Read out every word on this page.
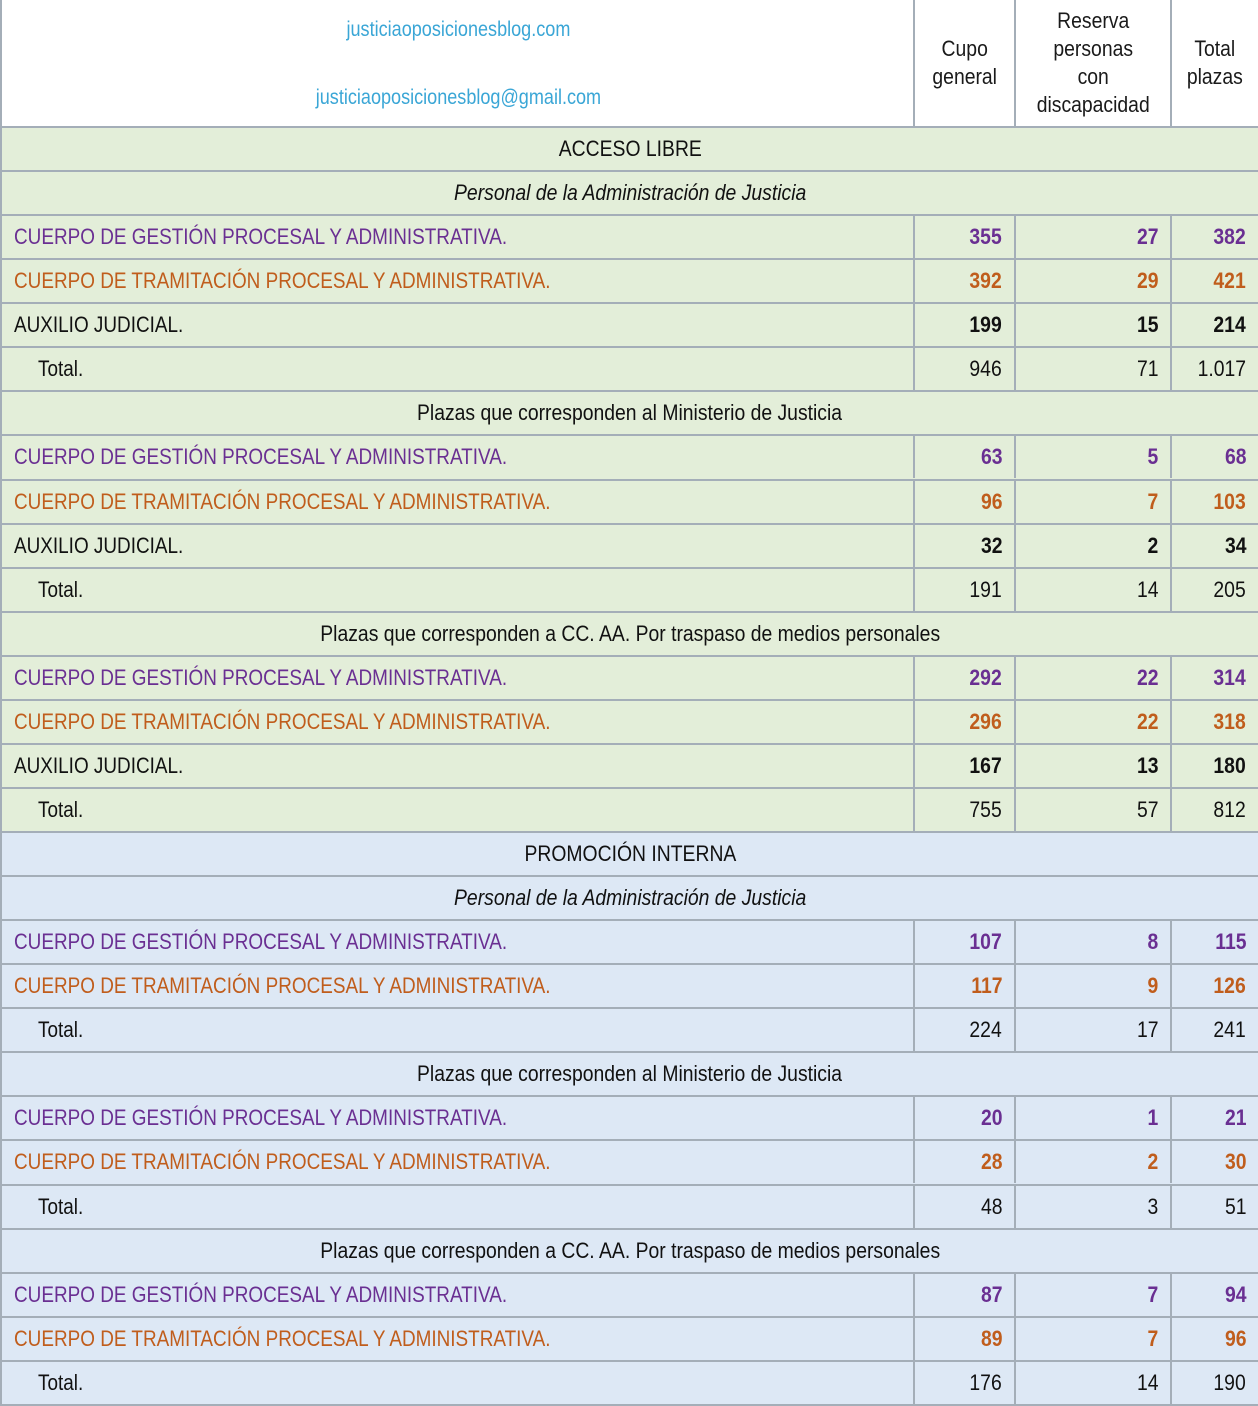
justiciaoposicionesblog.com
justiciaoposicionesblog@gmail.com
Cupo
general
Reserva
personas
con
discapacidad
Total
plazas
ACCESO LIBRE
Personal de la Administración de Justicia
CUERPO DE GESTIÓN PROCESAL Y ADMINISTRATIVA.	355	27	382
CUERPO DE TRAMITACIÓN PROCESAL Y ADMINISTRATIVA.	392	29	421
AUXILIO JUDICIAL.	199	15	214
Total.	946	71 1.017
Plazas que corresponden al Ministerio de Justicia
CUERPO DE GESTIÓN PROCESAL Y ADMINISTRATIVA.	63	5	68
CUERPO DE TRAMITACIÓN PROCESAL Y ADMINISTRATIVA.	96	7	103
AUXILIO JUDICIAL.	32	2	34
Total.	191	14	205
Plazas que corresponden a CC. AA. Por traspaso de medios personales
CUERPO DE GESTIÓN PROCESAL Y ADMINISTRATIVA.	292	22	314
CUERPO DE TRAMITACIÓN PROCESAL Y ADMINISTRATIVA.	296	22	318
AUXILIO JUDICIAL.	167	13	180
Total.	755	57	812
PROMOCIÓN INTERNA
Personal de la Administración de Justicia
CUERPO DE GESTIÓN PROCESAL Y ADMINISTRATIVA.	107	8	115
CUERPO DE TRAMITACIÓN PROCESAL Y ADMINISTRATIVA.	117	9	126
Total.	224	17	241
Plazas que corresponden al Ministerio de Justicia
CUERPO DE GESTIÓN PROCESAL Y ADMINISTRATIVA.	20	1	21
CUERPO DE TRAMITACIÓN PROCESAL Y ADMINISTRATIVA.	28	2	30
Total.	48	3	51
Plazas que corresponden a CC. AA. Por traspaso de medios personales
CUERPO DE GESTIÓN PROCESAL Y ADMINISTRATIVA.	87	7	94
CUERPO DE TRAMITACIÓN PROCESAL Y ADMINISTRATIVA.	89	7	96
Total.	176	14	190
